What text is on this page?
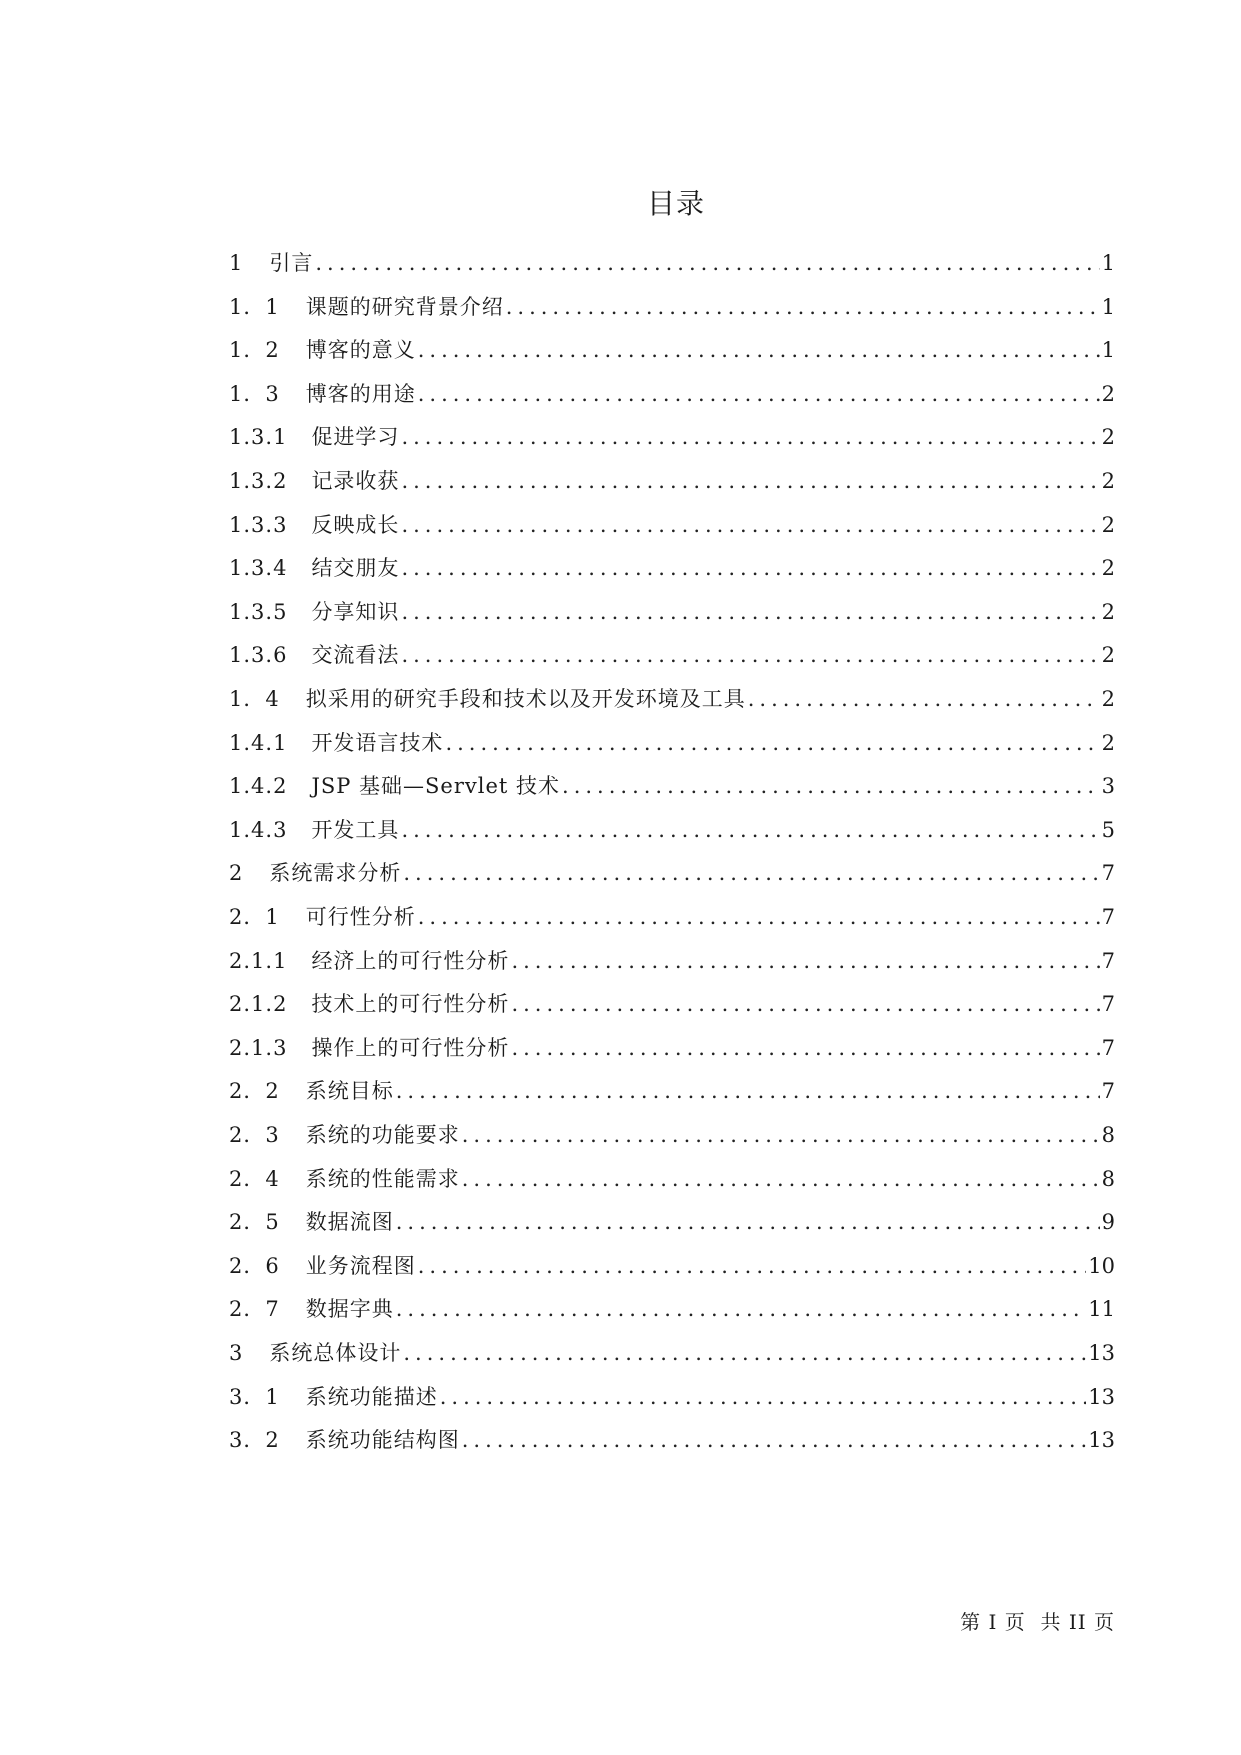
目录
1 引言 .....	1
1．1 课题的研究背景介绍 .....	1
1．2 博客的意义 .....	1
1．3 博客的用途 .....	2
1.3.1 促进学习 .....	2
1.3.2 记录收获 .....	2
1.3.3 反映成长 .....	2
1.3.4 结交朋友 .....	2
1.3.5 分享知识 .....	2
1.3.6 交流看法 .....	2
1．4 拟采用的研究手段和技术以及开发环境及工具 .....	2
1.4.1 开发语言技术 .....	2
1.4.2 JSP 基础—Servlet 技术 .....	3
1.4.3 开发工具 .....	5
2 系统需求分析 .....	7
2．1 可行性分析 .....	7
2.1.1 经济上的可行性分析 .....	7
2.1.2 技术上的可行性分析 .....	7
2.1.3 操作上的可行性分析 .....	7
2．2 系统目标 .....	7
2．3 系统的功能要求 .....	8
2．4 系统的性能需求 .....	8
2．5 数据流图 .....	9
2．6 业务流程图 .....	10
2．7 数据字典 .....	11
3 系统总体设计 .....	13
3．1 系统功能描述 .....	13
3．2 系统功能结构图 .....	13
第 I 页  共 II 页
